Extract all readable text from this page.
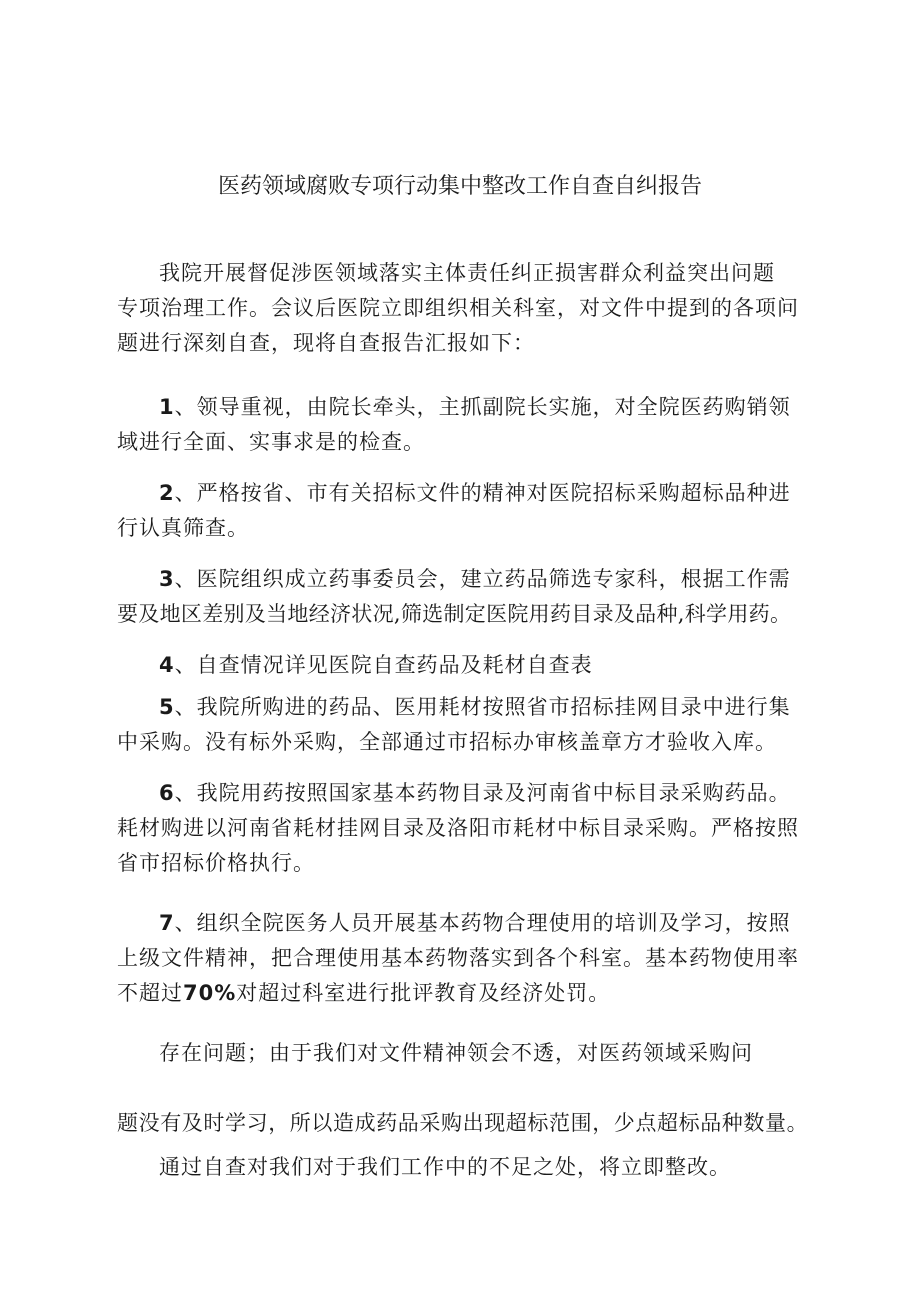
医药领域腐败专项行动集中整改工作自查自纠报告
我院开展督促涉医领域落实主体责任纠正损害群众利益突出问题
专项治理工作。会议后医院立即组织相关科室，对文件中提到的各项问
题进行深刻自查，现将自查报告汇报如下：
1、领导重视，由院长牵头，主抓副院长实施，对全院医药购销领
域进行全面、实事求是的检查。
2、严格按省、市有关招标文件的精神对医院招标采购超标品种进
行认真筛查。
3、医院组织成立药事委员会，建立药品筛选专家科，根据工作需
要及地区差别及当地经济状况,筛选制定医院用药目录及品种,科学用药。
4、自查情况详见医院自查药品及耗材自查表
5、我院所购进的药品、医用耗材按照省市招标挂网目录中进行集
中采购。没有标外采购，全部通过市招标办审核盖章方才验收入库。
6、我院用药按照国家基本药物目录及河南省中标目录采购药品。
耗材购进以河南省耗材挂网目录及洛阳市耗材中标目录采购。严格按照
省市招标价格执行。
7、组织全院医务人员开展基本药物合理使用的培训及学习，按照
上级文件精神，把合理使用基本药物落实到各个科室。基本药物使用率
不超过70%对超过科室进行批评教育及经济处罚。
存在问题；由于我们对文件精神领会不透，对医药领域采购问
题没有及时学习，所以造成药品采购出现超标范围，少点超标品种数量。
通过自查对我们对于我们工作中的不足之处，将立即整改。
